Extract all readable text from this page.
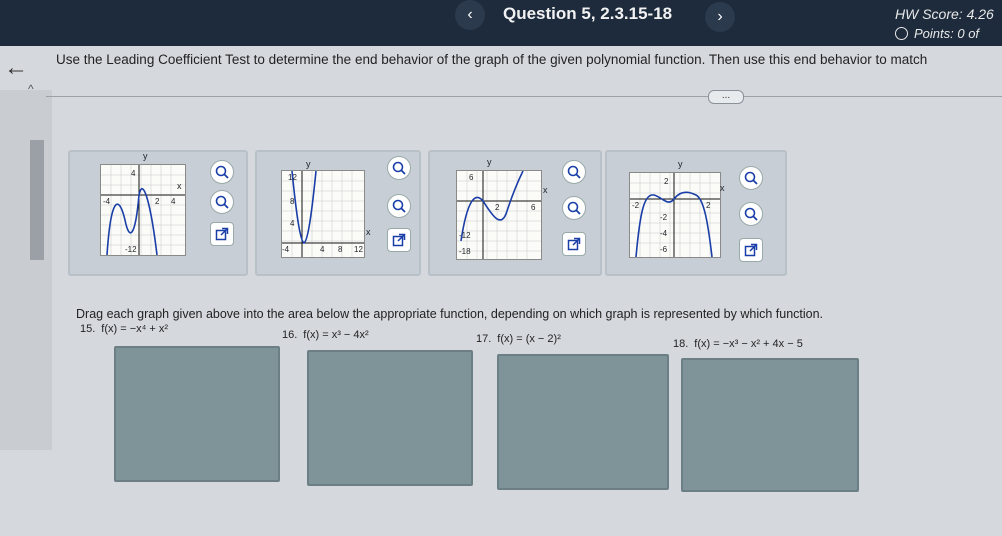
‹	Question 5, 2.3.15-18	›	HW Score: 4.26
Points: 0 of
←
^
Use the Leading Coefficient Test to determine the end behavior of the graph of the given polynomial function. Then use this end behavior to match
...
y
x
4
-4	2 4
-12
y
x
12
8
4
-4	4 8 12
y
x
6
2	6
-12
-18
y
x
2
-2	2
-2
-4
-6
Drag each graph given above into the area below the appropriate function, depending on which graph is represented by which function.
15. f(x) = −x⁴ + x²	16. f(x) = x³ − 4x²	17. f(x) = (x − 2)²	18. f(x) = −x³ − x² + 4x − 5
